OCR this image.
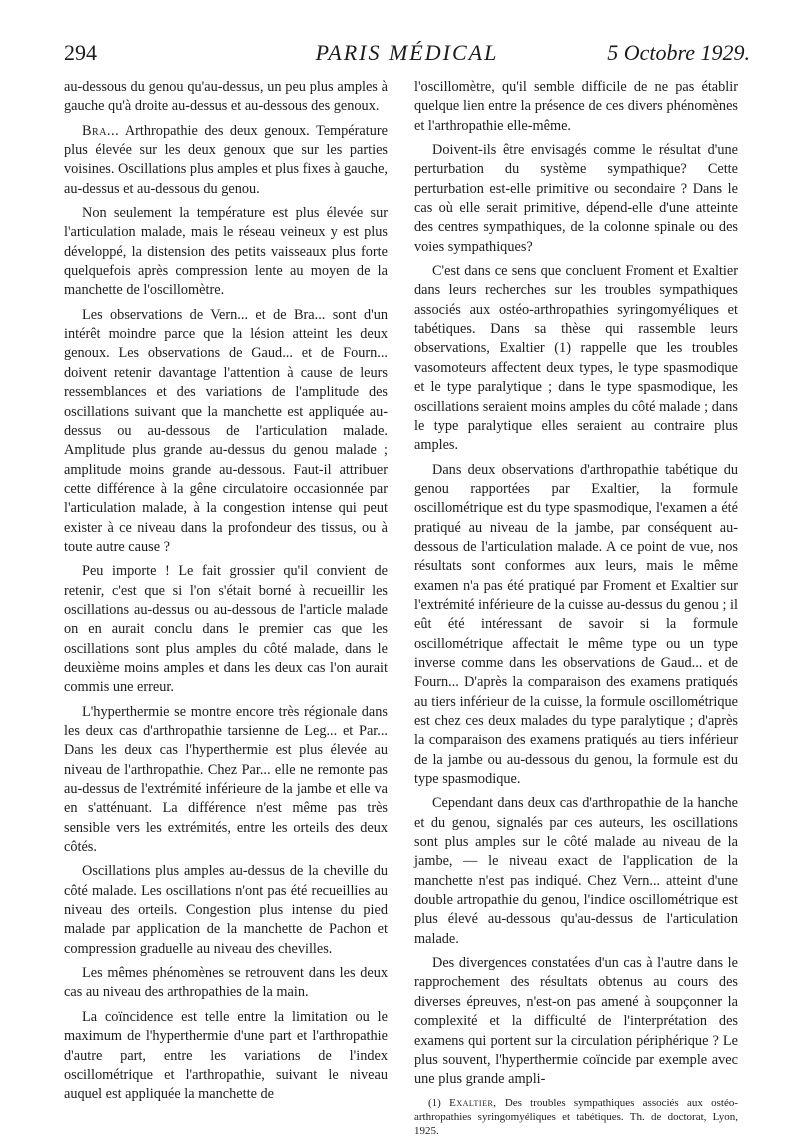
294	PARIS MÉDICAL	5 Octobre 1929.

au-dessous du genou qu'au-dessus, un peu plus amples à gauche qu'à droite au-dessus et au-dessous des genoux.

Bra... Arthropathie des deux genoux. Température plus élevée sur les deux genoux que sur les parties voisines. Oscillations plus amples et plus fixes à gauche, au-dessus et au-dessous du genou.

Non seulement la température est plus élevée sur l'articulation malade, mais le réseau veineux y est plus développé, la distension des petits vaisseaux plus forte quelquefois après compression lente au moyen de la manchette de l'oscillomètre.

Les observations de Vern... et de Bra... sont d'un intérêt moindre parce que la lésion atteint les deux genoux. Les observations de Gaud... et de Fourn... doivent retenir davantage l'attention à cause de leurs ressemblances et des variations de l'amplitude des oscillations suivant que la manchette est appliquée au-dessus ou au-dessous de l'articulation malade. Amplitude plus grande au-dessus du genou malade ; amplitude moins grande au-dessous. Faut-il attribuer cette différence à la gêne circulatoire occasionnée par l'articulation malade, à la congestion intense qui peut exister à ce niveau dans la profondeur des tissus, ou à toute autre cause ?

Peu importe ! Le fait grossier qu'il convient de retenir, c'est que si l'on s'était borné à recueillir les oscillations au-dessus ou au-dessous de l'article malade on en aurait conclu dans le premier cas que les oscillations sont plus amples du côté malade, dans le deuxième moins amples et dans les deux cas l'on aurait commis une erreur.

L'hyperthermie se montre encore très régionale dans les deux cas d'arthropathie tarsienne de Leg... et Par... Dans les deux cas l'hyperthermie est plus élevée au niveau de l'arthropathie. Chez Par... elle ne remonte pas au-dessus de l'extrémité inférieure de la jambe et elle va en s'atténuant. La différence n'est même pas très sensible vers les extrémités, entre les orteils des deux côtés.

Oscillations plus amples au-dessus de la cheville du côté malade. Les oscillations n'ont pas été recueillies au niveau des orteils. Congestion plus intense du pied malade par application de la manchette de Pachon et compression graduelle au niveau des chevilles.

Les mêmes phénomènes se retrouvent dans les deux cas au niveau des arthropathies de la main.

La coïncidence est telle entre la limitation ou le maximum de l'hyperthermie d'une part et l'arthropathie d'autre part, entre les variations de l'index oscillométrique et l'arthropathie, suivant le niveau auquel est appliquée la manchette de

l'oscillomètre, qu'il semble difficile de ne pas établir quelque lien entre la présence de ces divers phénomènes et l'arthropathie elle-même.

Doivent-ils être envisagés comme le résultat d'une perturbation du système sympathique? Cette perturbation est-elle primitive ou secondaire ? Dans le cas où elle serait primitive, dépend-elle d'une atteinte des centres sympathiques, de la colonne spinale ou des voies sympathiques?

C'est dans ce sens que concluent Froment et Exaltier dans leurs recherches sur les troubles sympathiques associés aux ostéo-arthropathies syringomyéliques et tabétiques. Dans sa thèse qui rassemble leurs observations, Exaltier (1) rappelle que les troubles vasomoteurs affectent deux types, le type spasmodique et le type paralytique ; dans le type spasmodique, les oscillations seraient moins amples du côté malade ; dans le type paralytique elles seraient au contraire plus amples.

Dans deux observations d'arthropathie tabétique du genou rapportées par Exaltier, la formule oscillométrique est du type spasmodique, l'examen a été pratiqué au niveau de la jambe, par conséquent au-dessous de l'articulation malade. A ce point de vue, nos résultats sont conformes aux leurs, mais le même examen n'a pas été pratiqué par Froment et Exaltier sur l'extrémité inférieure de la cuisse au-dessus du genou ; il eût été intéressant de savoir si la formule oscillométrique affectait le même type ou un type inverse comme dans les observations de Gaud... et de Fourn... D'après la comparaison des examens pratiqués au tiers inférieur de la cuisse, la formule oscillométrique est chez ces deux malades du type paralytique ; d'après la comparaison des examens pratiqués au tiers inférieur de la jambe ou au-dessous du genou, la formule est du type spasmodique.

Cependant dans deux cas d'arthropathie de la hanche et du genou, signalés par ces auteurs, les oscillations sont plus amples sur le côté malade au niveau de la jambe, — le niveau exact de l'application de la manchette n'est pas indiqué. Chez Vern... atteint d'une double artropathie du genou, l'indice oscillométrique est plus élevé au-dessous qu'au-dessus de l'articulation malade.

Des divergences constatées d'un cas à l'autre dans le rapprochement des résultats obtenus au cours des diverses épreuves, n'est-on pas amené à soupçonner la complexité et la difficulté de l'interprétation des examens qui portent sur la circulation périphérique ? Le plus souvent, l'hyperthermie coïncide par exemple avec une plus grande ampli-

(1) Exaltier, Des troubles sympathiques associés aux ostéo-arthropathies syringomyéliques et tabétiques. Th. de doctorat, Lyon, 1925.
